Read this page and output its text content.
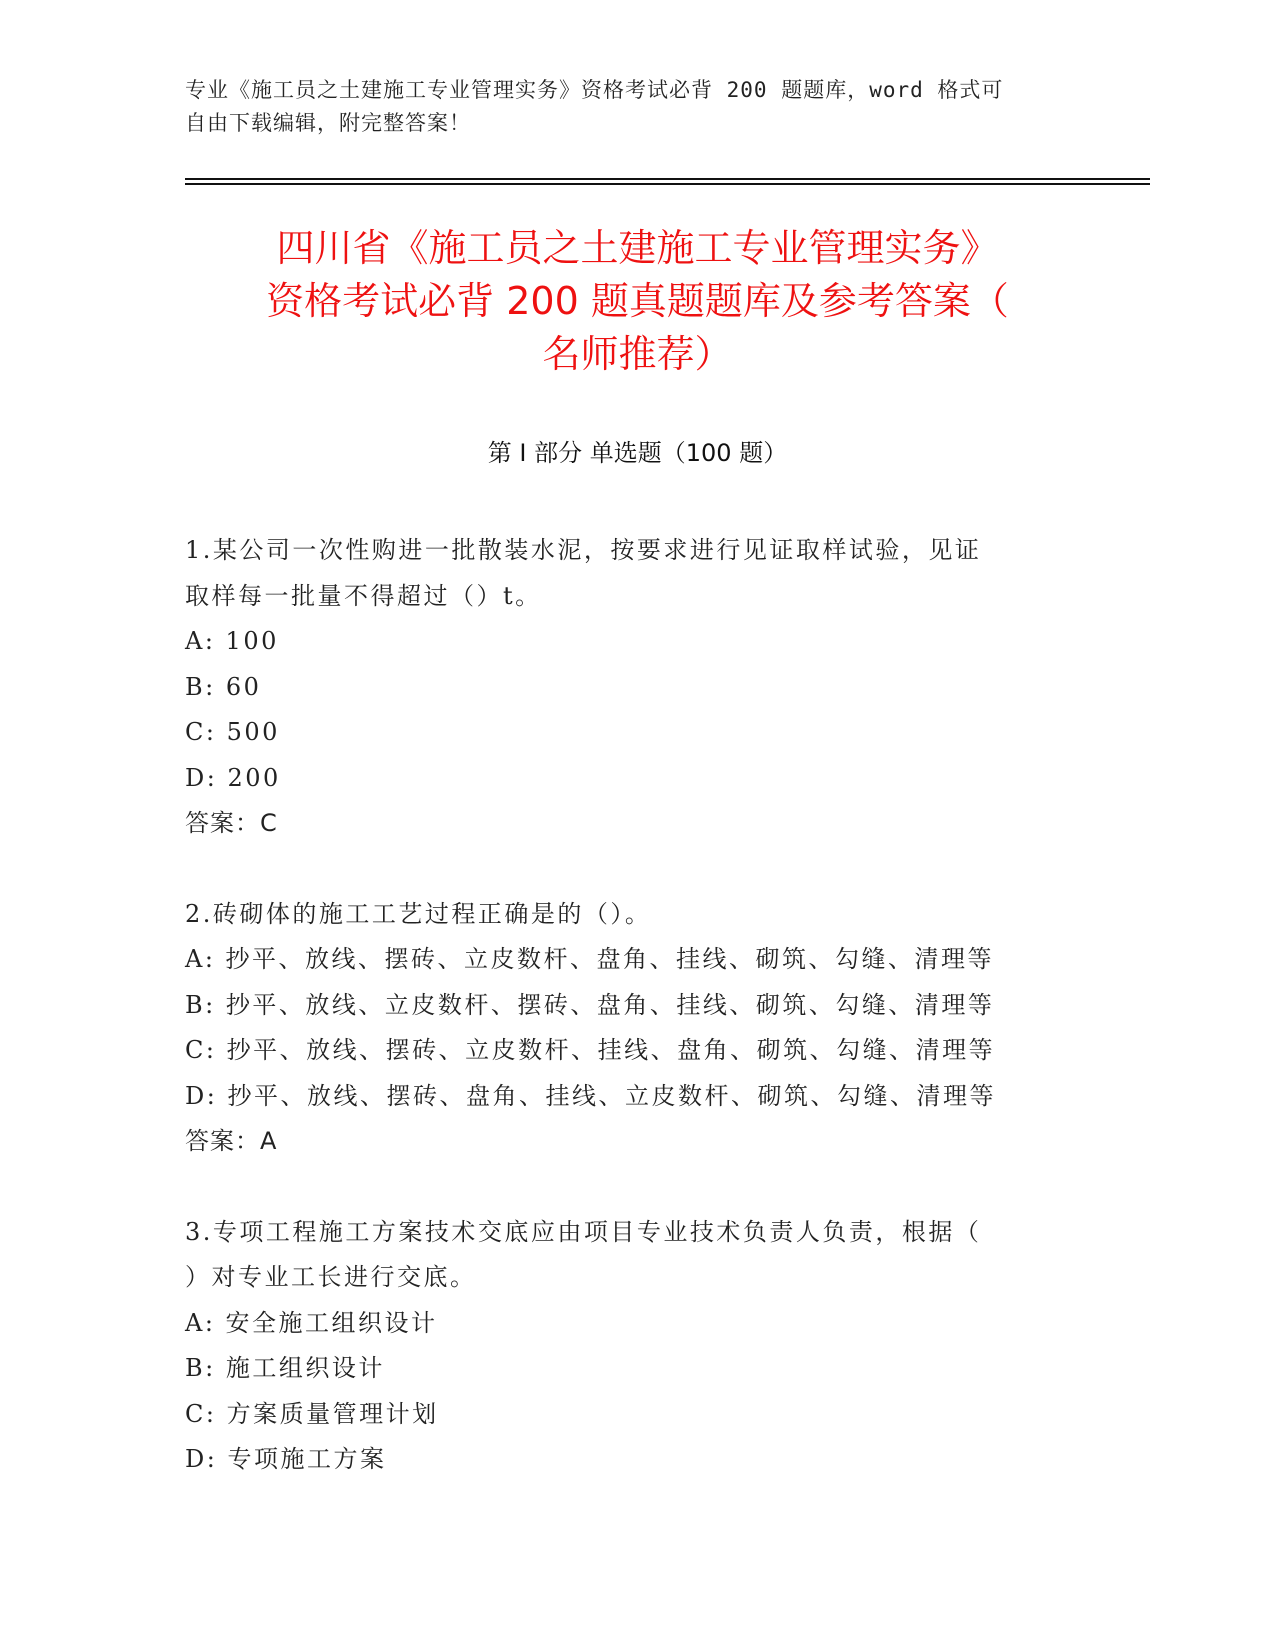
专业《施工员之土建施工专业管理实务》资格考试必背 200 题题库，word 格式可
自由下载编辑，附完整答案！
四川省《施工员之土建施工专业管理实务》
资格考试必背 200 题真题题库及参考答案（
名师推荐）
第 I 部分 单选题（100 题）
1.某公司一次性购进一批散装水泥，按要求进行见证取样试验，见证
取样每一批量不得超过（）t。
A: 100
B: 60
C: 500
D: 200
答案：C
2.砖砌体的施工工艺过程正确是的（）。
A: 抄平、放线、摆砖、立皮数杆、盘角、挂线、砌筑、勾缝、清理等
B: 抄平、放线、立皮数杆、摆砖、盘角、挂线、砌筑、勾缝、清理等
C: 抄平、放线、摆砖、立皮数杆、挂线、盘角、砌筑、勾缝、清理等
D: 抄平、放线、摆砖、盘角、挂线、立皮数杆、砌筑、勾缝、清理等
答案：A
3.专项工程施工方案技术交底应由项目专业技术负责人负责，根据（
）对专业工长进行交底。
A: 安全施工组织设计
B: 施工组织设计
C: 方案质量管理计划
D: 专项施工方案
